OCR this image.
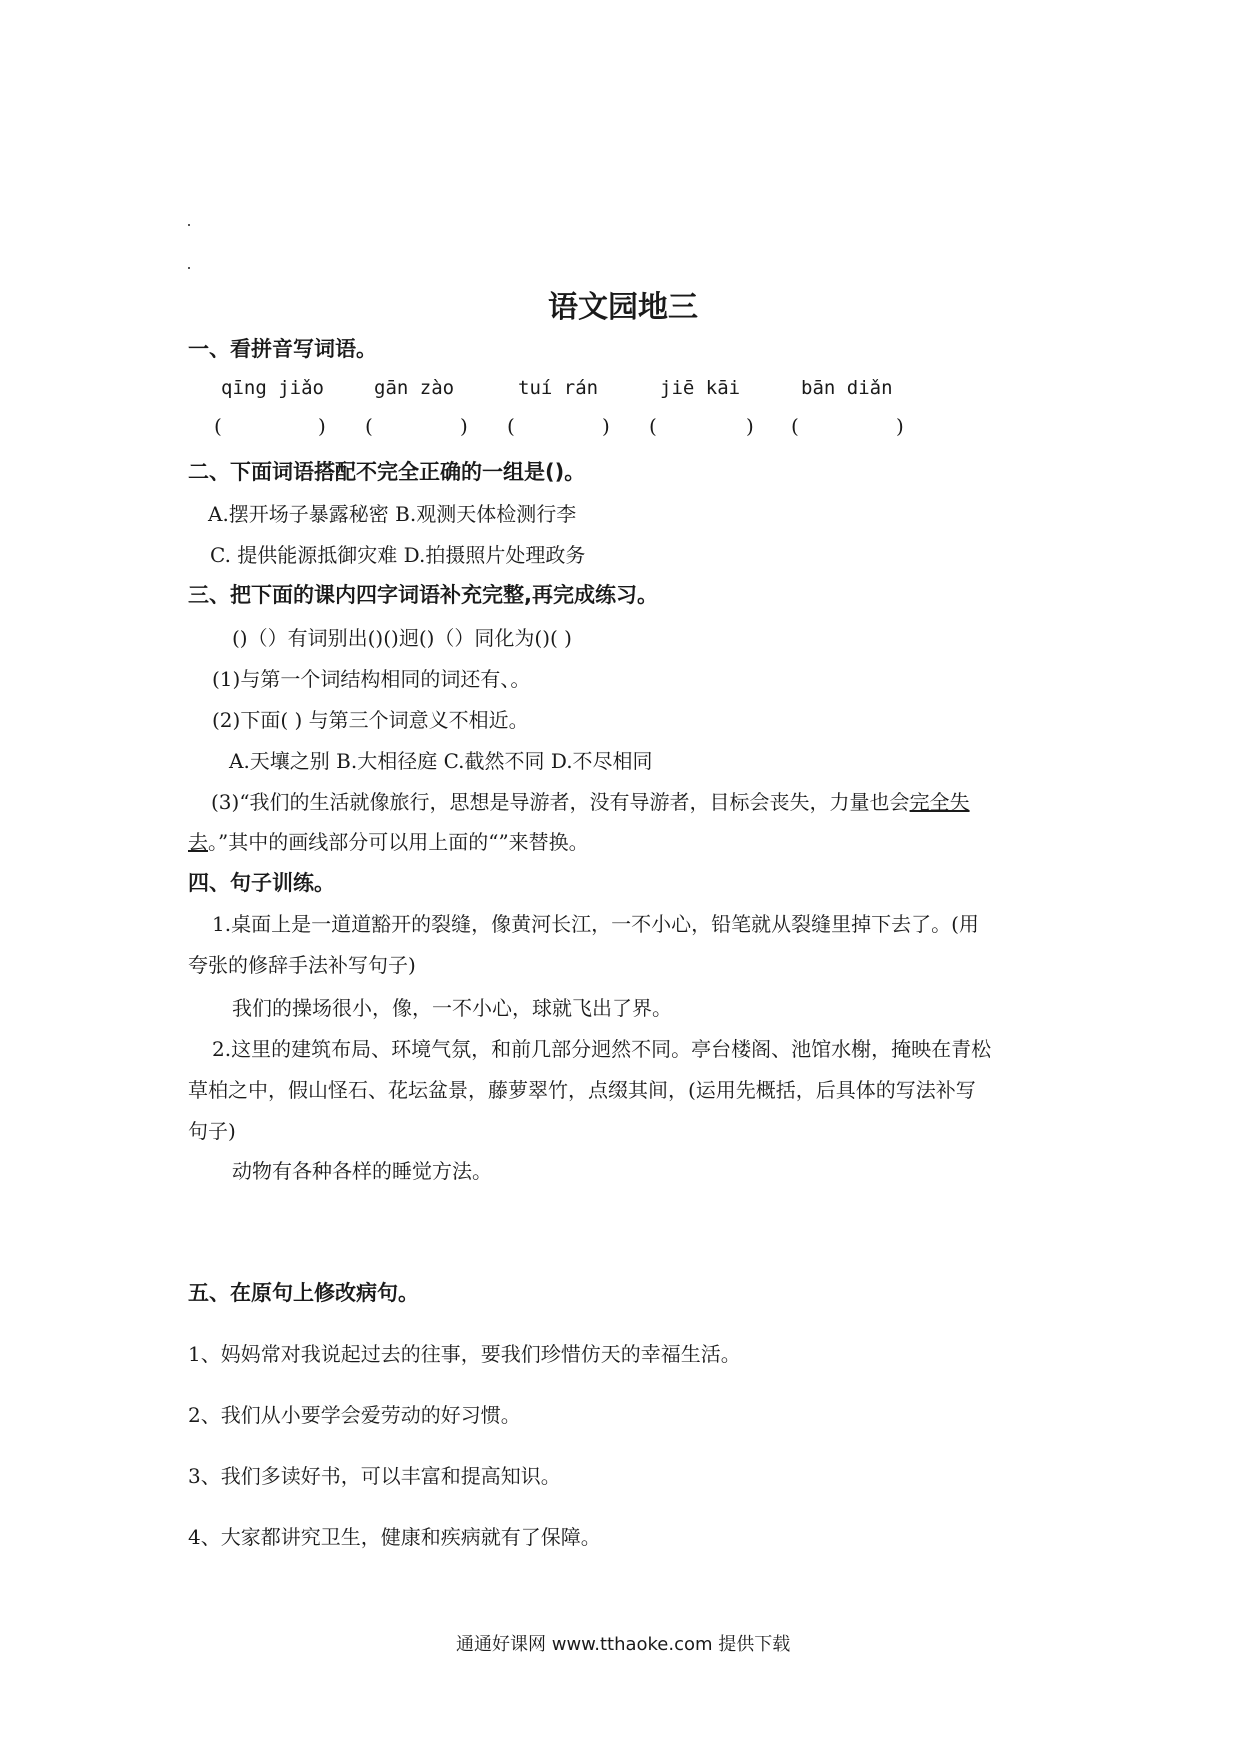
语文园地三
一、看拼音写词语。
qīng jiǎo	gān zào	tuí rán	jiē kāi	bān diǎn
(	) (	) (	) (	) (	)
二、下面词语搭配不完全正确的一组是()。
A.摆开场子暴露秘密 B.观测天体检测行李
C. 提供能源抵御灾难 D.拍摄照片处理政务
三、把下面的课内四字词语补充完整,再完成练习。
()（）有词别出()()迥()（）同化为()( )
(1)与第一个词结构相同的词还有、。
(2)下面( ) 与第三个词意义不相近。
A.天壤之别 B.大相径庭 C.截然不同 D.不尽相同
(3)“我们的生活就像旅行，思想是导游者，没有导游者，目标会丧失，力量也会完全失
去。”其中的画线部分可以用上面的“”来替换。
四、句子训练。
1.桌面上是一道道豁开的裂缝，像黄河长江，一不小心，铅笔就从裂缝里掉下去了。(用
夸张的修辞手法补写句子)
我们的操场很小，像，一不小心，球就飞出了界。
2.这里的建筑布局、环境气氛，和前几部分迥然不同。亭台楼阁、池馆水榭，掩映在青松
草柏之中，假山怪石、花坛盆景，藤萝翠竹，点缀其间，(运用先概括，后具体的写法补写
句子)
动物有各种各样的睡觉方法。
五、在原句上修改病句。
1、妈妈常对我说起过去的往事，要我们珍惜仿天的幸福生活。
2、我们从小要学会爱劳动的好习惯。
3、我们多读好书，可以丰富和提高知识。
4、大家都讲究卫生，健康和疾病就有了保障。
通通好课网 www.tthaoke.com 提供下载
